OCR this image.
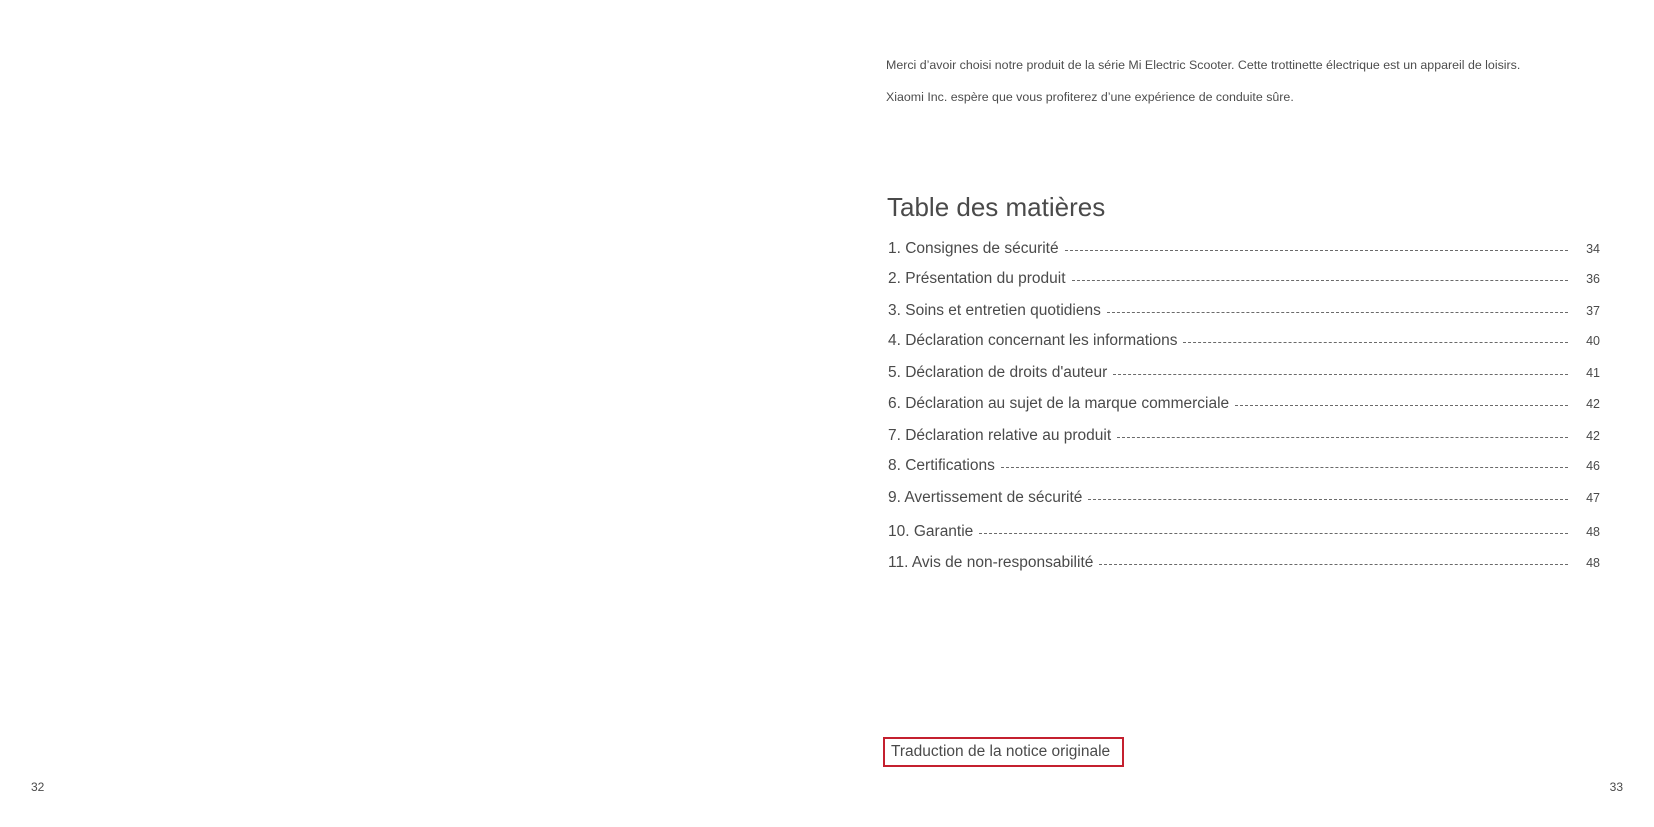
32

Merci d’avoir choisi notre produit de la série Mi Electric Scooter. Cette trottinette électrique est un appareil de loisirs.

Xiaomi Inc. espère que vous profiterez d’une expérience de conduite sûre.

Table des matières
1. Consignes de sécurité	34
2. Présentation du produit	36
3. Soins et entretien quotidiens	37
4. Déclaration concernant les informations	40
5. Déclaration de droits d'auteur	41
6. Déclaration au sujet de la marque commerciale	42
7. Déclaration relative au produit	42
8. Certifications	46
9. Avertissement de sécurité	47
10. Garantie	48
11. Avis de non-responsabilité	48
Traduction de la notice originale
33
